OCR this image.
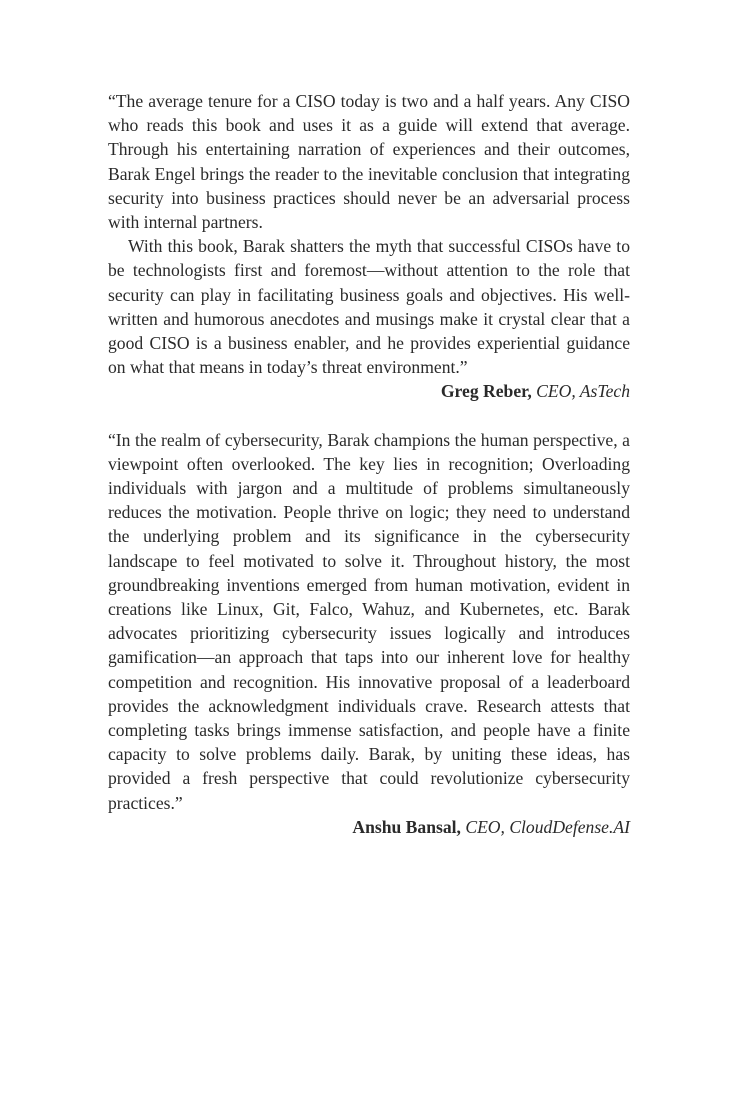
“The average tenure for a CISO today is two and a half years. Any CISO who reads this book and uses it as a guide will extend that average. Through his entertaining narration of experiences and their outcomes, Barak Engel brings the reader to the inevitable conclusion that integrating security into business practices should never be an adversarial process with internal partners.

With this book, Barak shatters the myth that successful CISOs have to be technologists first and foremost—without attention to the role that security can play in facilitating business goals and objectives. His well-written and humorous anecdotes and musings make it crystal clear that a good CISO is a business enabler, and he provides experiential guidance on what that means in today’s threat environment.”

Greg Reber, CEO, AsTech

“In the realm of cybersecurity, Barak champions the human perspective, a viewpoint often overlooked. The key lies in recognition; Overloading individuals with jargon and a multitude of problems simultaneously reduces the motivation. People thrive on logic; they need to understand the underlying problem and its significance in the cybersecurity landscape to feel motivated to solve it. Throughout history, the most groundbreaking inventions emerged from human motivation, evident in creations like Linux, Git, Falco, Wahuz, and Kubernetes, etc. Barak advocates prioritizing cybersecurity issues logically and introduces gamification—an approach that taps into our inherent love for healthy competition and recognition. His innovative proposal of a leaderboard provides the acknowledgment individuals crave. Research attests that completing tasks brings immense satisfaction, and people have a finite capacity to solve problems daily. Barak, by uniting these ideas, has provided a fresh perspective that could revolutionize cybersecurity practices.”

Anshu Bansal, CEO, CloudDefense.AI
